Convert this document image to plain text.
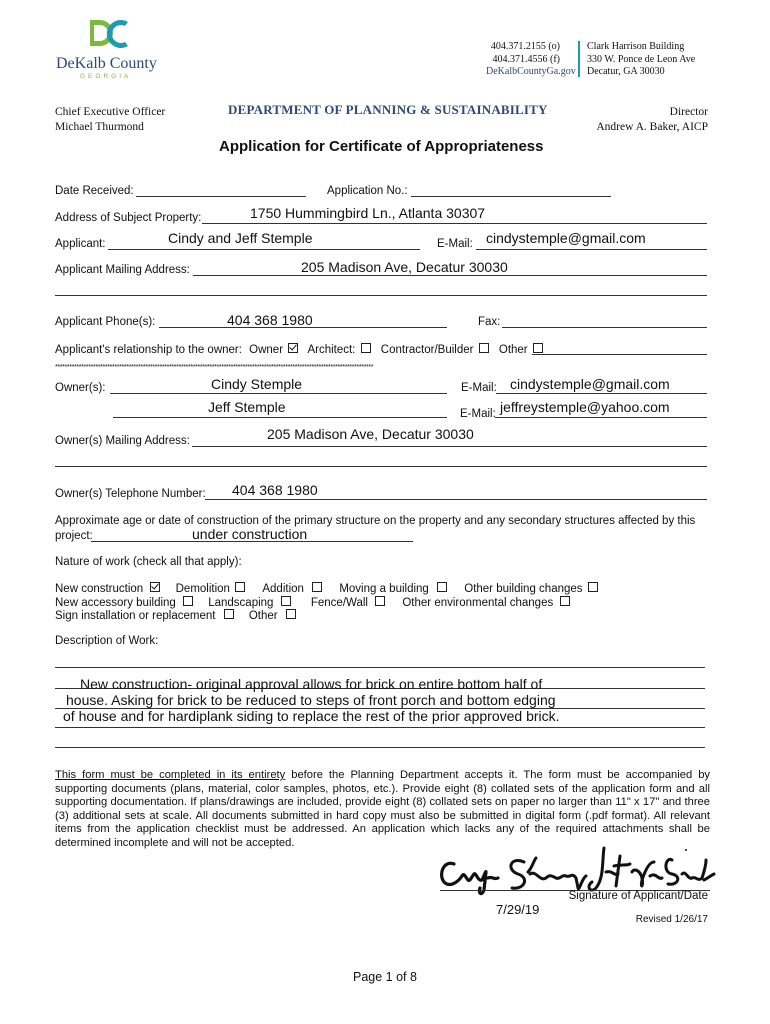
DeKalb County
GEORGIA
404.371.2155 (o)
404.371.4556 (f)
DeKalbCountyGa.gov
Clark Harrison Building
330 W. Ponce de Leon Ave
Decatur, GA 30030
Chief Executive Officer
Michael Thurmond
DEPARTMENT OF PLANNING & SUSTAINABILITY	Director
Andrew A. Baker, AICP
Application for Certificate of Appropriateness
Date Received:	Application No.:
Address of Subject Property:	1750 Hummingbird Ln., Atlanta 30307
Applicant:	Cindy and Jeff Stemple	E-Mail: cindystemple@gmail.com
Applicant Mailing Address:	205 Madison Ave, Decatur 30030
Applicant Phone(s):	404 368 1980	Fax:
Applicant's relationship to the owner: Owner Architect: Contractor/Builder Other
**************************************************************************************************************************************
Owner(s):	Cindy Stemple	E-Mail: cindystemple@gmail.com
Jeff Stemple	E-Mail: jeffreystemple@yahoo.com
Owner(s) Mailing Address:	205 Madison Ave, Decatur 30030
Owner(s) Telephone Number: 404 368 1980
Approximate age or date of construction of the primary structure on the property and any secondary structures affected by this
project:	under construction
Nature of work (check all that apply):
New construction	Demolition	Addition	Moving a building	Other building changes
New accessory building	Landscaping	Fence/Wall	Other environmental changes
Sign installation or replacement	Other
Description of Work:
New construction- original approval allows for brick on entire bottom half of
house. Asking for brick to be reduced to steps of front porch and bottom edging
of house and for hardiplank siding to replace the rest of the prior approved brick.
This form must be completed in its entirety before the Planning Department accepts it. The form must be accompanied by supporting documents (plans, material, color samples, photos, etc.). Provide eight (8) collated sets of the application form and all supporting documentation. If plans/drawings are included, provide eight (8) collated sets on paper no larger than 11" x 17" and three (3) additional sets at scale. All documents submitted in hard copy must also be submitted in digital form (.pdf format). All relevant items from the application checklist must be addressed. An application which lacks any of the required attachments shall be determined incomplete and will not be accepted.
Signature of Applicant/Date
7/29/19
Revised 1/26/17
Page 1 of 8
